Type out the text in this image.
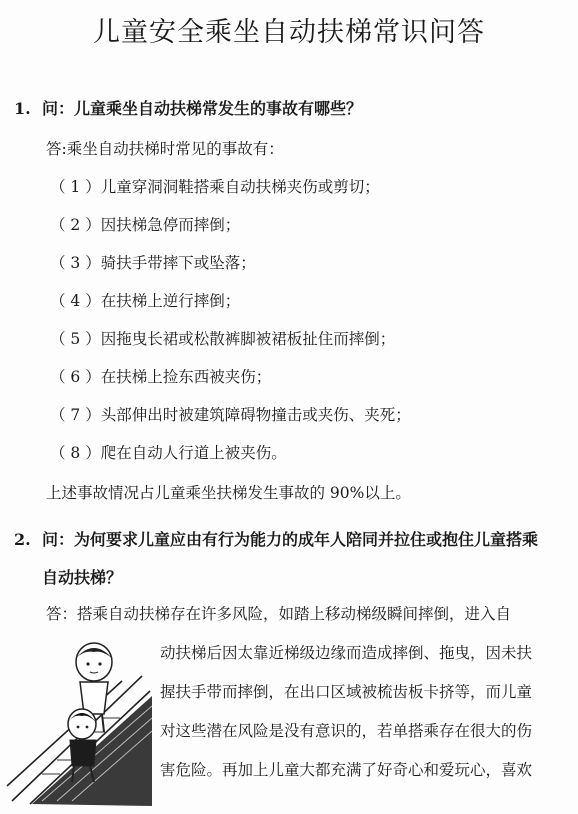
儿童安全乘坐自动扶梯常识问答
1. 问：儿童乘坐自动扶梯常发生的事故有哪些？
答:乘坐自动扶梯时常见的事故有：
（ 1 ）儿童穿洞洞鞋搭乘自动扶梯夹伤或剪切；
（ 2 ）因扶梯急停而摔倒；
（ 3 ）骑扶手带摔下或坠落；
（ 4 ）在扶梯上逆行摔倒；
（ 5 ）因拖曳长裙或松散裤脚被裙板扯住而摔倒；
（ 6 ）在扶梯上捡东西被夹伤；
（ 7 ）头部伸出时被建筑障碍物撞击或夹伤、夹死；
（ 8 ）爬在自动人行道上被夹伤。
上述事故情况占儿童乘坐扶梯发生事故的 90%以上。
2. 问：为何要求儿童应由有行为能力的成年人陪同并拉住或抱住儿童搭乘
自动扶梯？
答：搭乘自动扶梯存在许多风险，如踏上移动梯级瞬间摔倒，进入自
动扶梯后因太靠近梯级边缘而造成摔倒、拖曳，因未扶
握扶手带而摔倒，在出口区域被梳齿板卡挤等，而儿童
对这些潜在风险是没有意识的，若单搭乘存在很大的伤
害危险。再加上儿童大都充满了好奇心和爱玩心，喜欢
